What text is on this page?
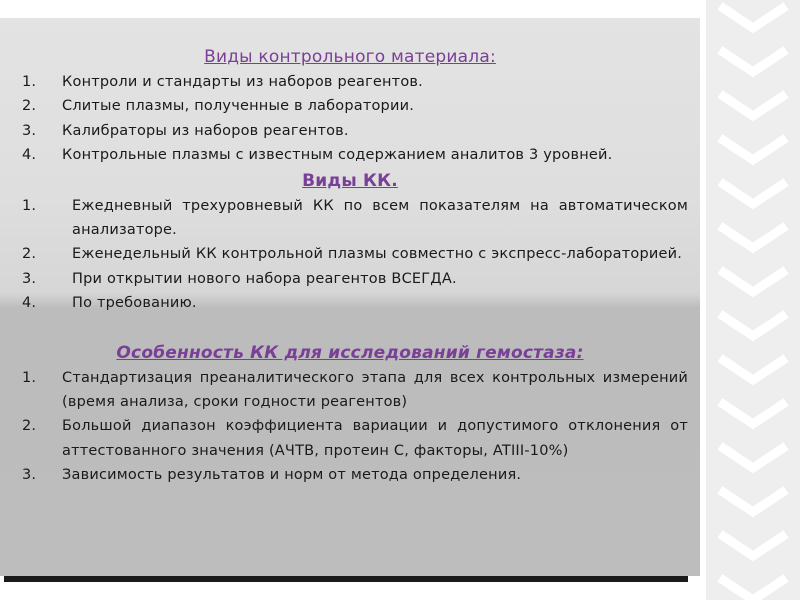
Виды контрольного материала:
1. Контроли и стандарты из наборов реагентов.
2. Слитые плазмы, полученные в лаборатории.
3. Калибраторы из наборов реагентов.
4. Контрольные плазмы с известным содержанием аналитов 3 уровней.
Виды КК.
1. Ежедневный трехуровневый КК по всем показателям на автоматическом анализаторе.
2. Еженедельный КК контрольной плазмы совместно с экспресс-лабораторией.
3. При открытии нового набора реагентов ВСЕГДА.
4. По требованию.
Особенность КК для исследований гемостаза:
1. Стандартизация преаналитического этапа для всех контрольных измерений (время анализа, сроки годности реагентов)
2. Большой диапазон коэффициента вариации и допустимого отклонения от аттестованного значения (АЧТВ, протеин С, факторы, ATIII-10%)
3. Зависимость результатов и норм от метода определения.
